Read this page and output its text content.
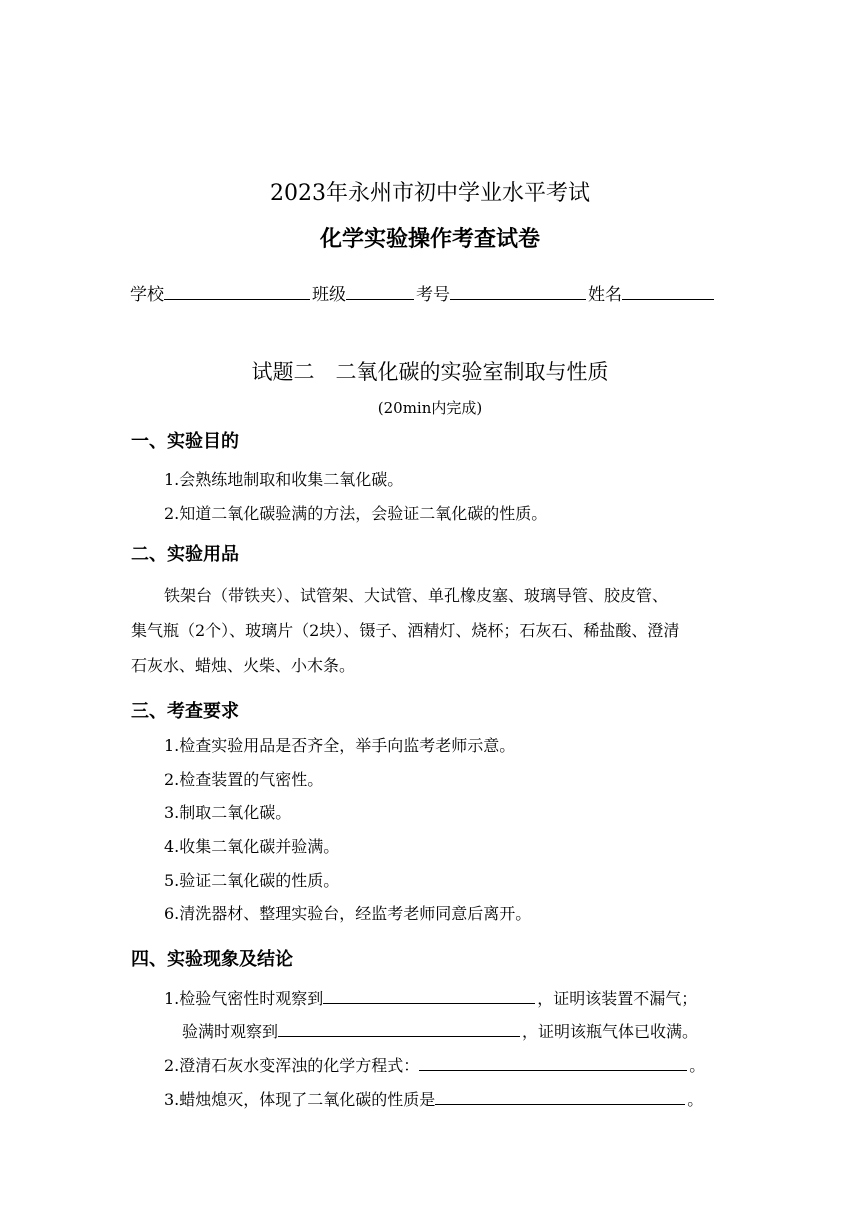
2023年永州市初中学业水平考试
化学实验操作考查试卷
学校	班级	考号	姓名
试题二　二氧化碳的实验室制取与性质
(20min内完成)
一、实验目的
1.会熟练地制取和收集二氧化碳。
2.知道二氧化碳验满的方法，会验证二氧化碳的性质。
二、实验用品
铁架台（带铁夹）、试管架、大试管、单孔橡皮塞、玻璃导管、胶皮管、
集气瓶（2个）、玻璃片（2块）、镊子、酒精灯、烧杯；石灰石、稀盐酸、澄清
石灰水、蜡烛、火柴、小木条。
三、考查要求
1.检查实验用品是否齐全，举手向监考老师示意。
2.检查装置的气密性。
3.制取二氧化碳。
4.收集二氧化碳并验满。
5.验证二氧化碳的性质。
6.清洗器材、整理实验台，经监考老师同意后离开。
四、实验现象及结论
1.检验气密性时观察到	，证明该装置不漏气；
验满时观察到	，证明该瓶气体已收满。
2.澄清石灰水变浑浊的化学方程式：	。
3.蜡烛熄灭，体现了二氧化碳的性质是	。
